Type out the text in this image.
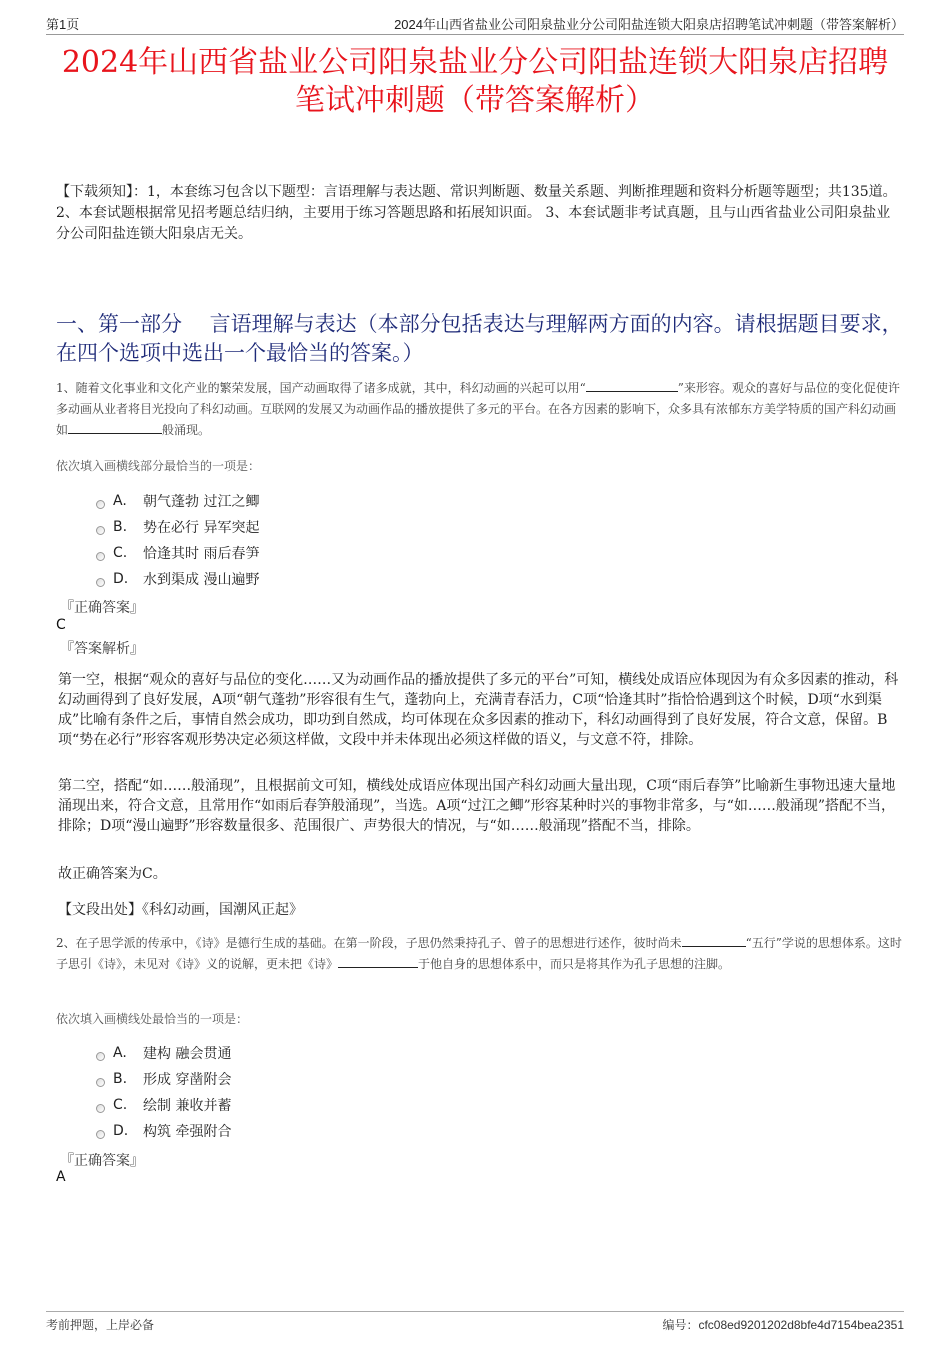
第1页	2024年山西省盐业公司阳泉盐业分公司阳盐连锁大阳泉店招聘笔试冲刺题（带答案解析）
2024年山西省盐业公司阳泉盐业分公司阳盐连锁大阳泉店招聘
笔试冲刺题（带答案解析）
【下载须知】：1，本套练习包含以下题型：言语理解与表达题、常识判断题、数量关系题、判断推理题和资料分析题等题型；共135道。 2、本套试题根据常见招考题总结归纳，主要用于练习答题思路和拓展知识面。 3、本套试题非考试真题，且与山西省盐业公司阳泉盐业分公司阳盐连锁大阳泉店无关。
一、第一部分　 言语理解与表达（本部分包括表达与理解两方面的内容。请根据题目要求，在四个选项中选出一个最恰当的答案。）
1、随着文化事业和文化产业的繁荣发展，国产动画取得了诸多成就，其中，科幻动画的兴起可以用“	”来形容。观众的喜好与品位的变化促使许多动画从业者将目光投向了科幻动画。互联网的发展又为动画作品的播放提供了多元的平台。在各方因素的影响下，众多具有浓郁东方美学特质的国产科幻动画如	般涌现。
依次填入画横线部分最恰当的一项是：
A.	朝气蓬勃 过江之鲫
B.	势在必行 异军突起
C.	恰逢其时 雨后春笋
D.	水到渠成 漫山遍野
『正确答案』
C
『答案解析』
第一空，根据“观众的喜好与品位的变化……又为动画作品的播放提供了多元的平台”可知，横线处成语应体现因为有众多因素的推动，科幻动画得到了良好发展，A项“朝气蓬勃”形容很有生气，蓬勃向上，充满青春活力，C项“恰逢其时”指恰恰遇到这个时候，D项“水到渠成”比喻有条件之后，事情自然会成功，即功到自然成，均可体现在众多因素的推动下，科幻动画得到了良好发展，符合文意，保留。B项“势在必行”形容客观形势决定必须这样做，文段中并未体现出必须这样做的语义，与文意不符，排除。
第二空，搭配“如……般涌现”，且根据前文可知，横线处成语应体现出国产科幻动画大量出现，C项“雨后春笋”比喻新生事物迅速大量地涌现出来，符合文意，且常用作“如雨后春笋般涌现”，当选。A项“过江之鲫”形容某种时兴的事物非常多，与“如……般涌现”搭配不当，排除；D项“漫山遍野”形容数量很多、范围很广、声势很大的情况，与“如……般涌现”搭配不当，排除。
故正确答案为C。
【文段出处】《科幻动画，国潮风正起》
2、在子思学派的传承中，《诗》是德行生成的基础。在第一阶段，子思仍然秉持孔子、曾子的思想进行述作，彼时尚未	“五行”学说的思想体系。这时子思引《诗》，未见对《诗》义的说解，更未把《诗》	于他自身的思想体系中，而只是将其作为孔子思想的注脚。
依次填入画横线处最恰当的一项是：
A.	建构 融会贯通
B.	形成 穿凿附会
C.	绘制 兼收并蓄
D.	构筑 牵强附合
『正确答案』
A
考前押题，上岸必备	编号：cfc08ed9201202d8bfe4d7154bea2351
